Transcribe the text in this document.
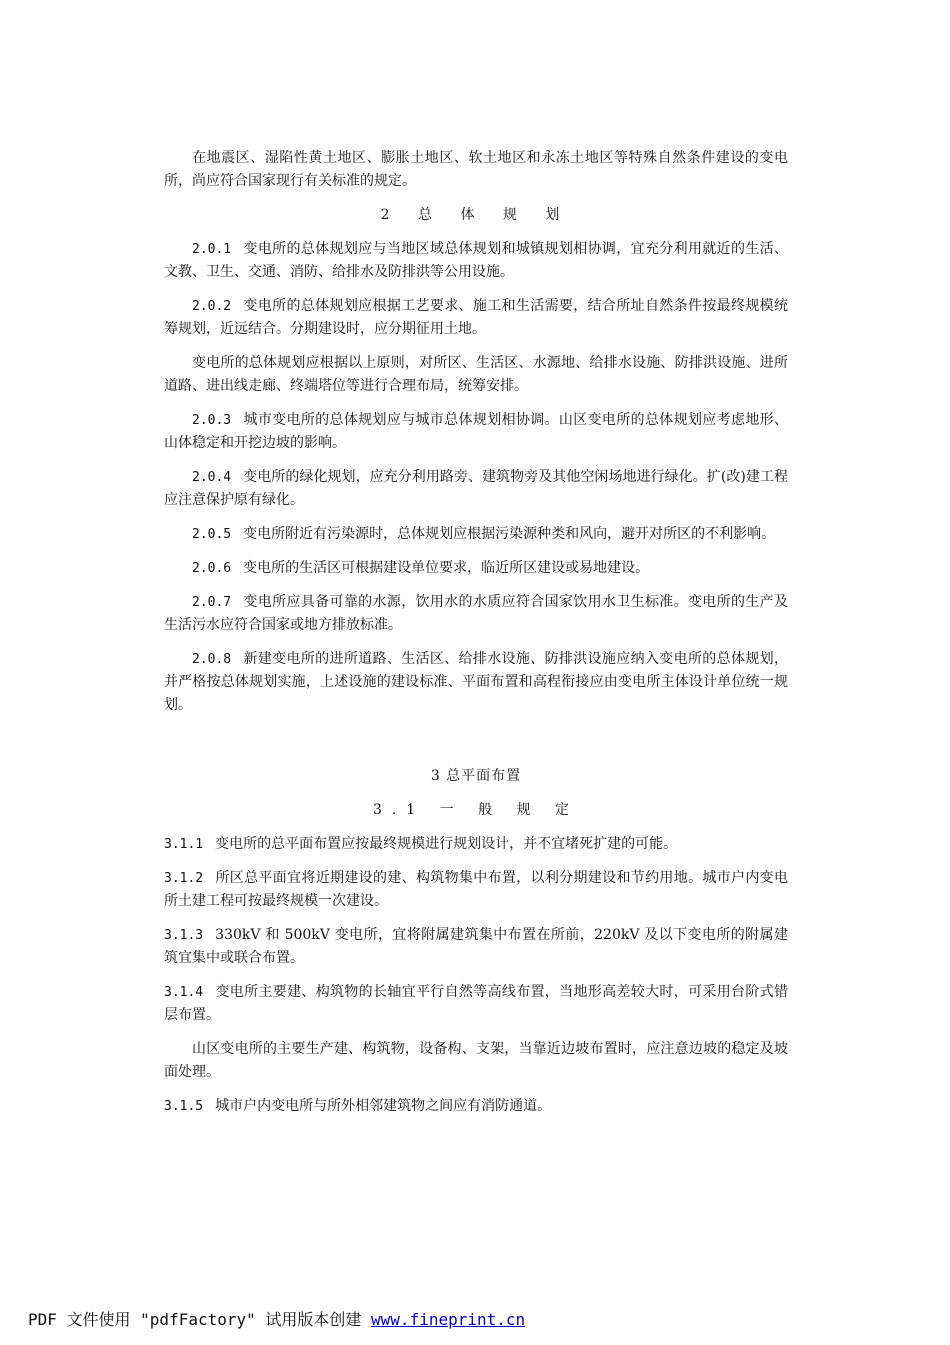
在地震区、湿陷性黄土地区、膨胀土地区、软土地区和永冻土地区等特殊自然条件建设的变电所，尚应符合国家现行有关标准的规定。

2 总 体 规 划

2.0.1 变电所的总体规划应与当地区域总体规划和城镇规划相协调，宜充分利用就近的生活、文教、卫生、交通、消防、给排水及防排洪等公用设施。

2.0.2 变电所的总体规划应根据工艺要求、施工和生活需要，结合所址自然条件按最终规模统筹规划，近远结合。分期建设时，应分期征用土地。

变电所的总体规划应根据以上原则，对所区、生活区、水源地、给排水设施、防排洪设施、进所道路、进出线走廊、终端塔位等进行合理布局，统筹安排。

2.0.3 城市变电所的总体规划应与城市总体规划相协调。山区变电所的总体规划应考虑地形、山体稳定和开挖边坡的影响。

2.0.4 变电所的绿化规划，应充分利用路旁、建筑物旁及其他空闲场地进行绿化。扩(改)建工程应注意保护原有绿化。

2.0.5 变电所附近有污染源时，总体规划应根据污染源种类和风向，避开对所区的不利影响。

2.0.6 变电所的生活区可根据建设单位要求，临近所区建设或易地建设。

2.0.7 变电所应具备可靠的水源，饮用水的水质应符合国家饮用水卫生标准。变电所的生产及生活污水应符合国家或地方排放标准。

2.0.8 新建变电所的进所道路、生活区、给排水设施、防排洪设施应纳入变电所的总体规划，并严格按总体规划实施，上述设施的建设标准、平面布置和高程衔接应由变电所主体设计单位统一规划。

3 总平面布置

3.1 一 般 规 定

3.1.1 变电所的总平面布置应按最终规模进行规划设计，并不宜堵死扩建的可能。

3.1.2 所区总平面宜将近期建设的建、构筑物集中布置，以利分期建设和节约用地。城市户内变电所土建工程可按最终规模一次建设。

3.1.3 330kV 和 500kV 变电所，宜将附属建筑集中布置在所前，220kV 及以下变电所的附属建筑宜集中或联合布置。

3.1.4 变电所主要建、构筑物的长轴宜平行自然等高线布置，当地形高差较大时，可采用台阶式错层布置。

山区变电所的主要生产建、构筑物，设备构、支架，当靠近边坡布置时，应注意边坡的稳定及坡面处理。

3.1.5 城市户内变电所与所外相邻建筑物之间应有消防通道。

PDF 文件使用 "pdfFactory" 试用版本创建 www.fineprint.cn
